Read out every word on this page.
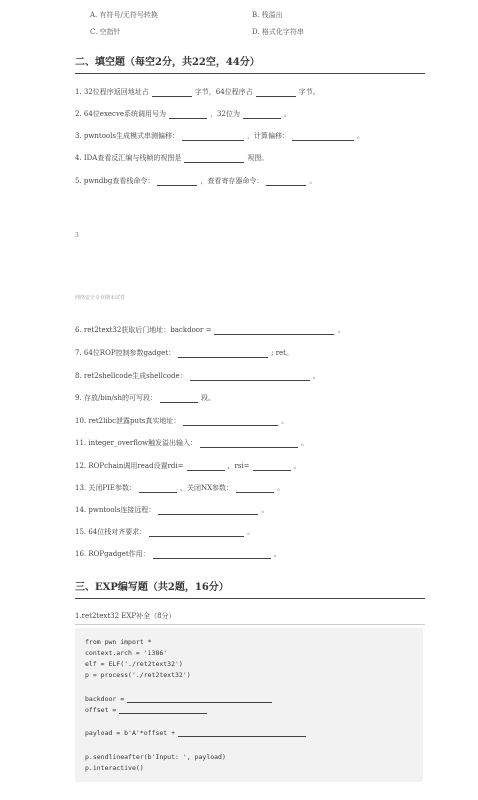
A. 有符号/无符号转换	B. 栈溢出
C. 空指针	D. 格式化字符串
二、填空题（每空2分，共22空，44分）
1. 32位程序返回地址占	字节，64位程序占	字节。
2. 64位execve系统调用号为	，32位为	。
3. pwntools生成模式串测偏移：	，计算偏移：	。
4. IDA查看反汇编与栈帧的视图是	视图。
5. pwndbg查看栈命令：	，查看寄存器命令：	。
3
网络安全专业期末试卷
6. ret2text32获取后门地址：backdoor =	。
7. 64位ROP控制参数gadget：	; ret。
8. ret2shellcode生成shellcode：	。
9. 存放/bin/sh的可写段：	段。
10. ret2libc泄露puts真实地址：	。
11. integer_overflow触发溢出输入：	。
12. ROPchain调用read设置rdi=	，rsi=	。
13. 关闭PIE参数：	，关闭NX参数：	。
14. pwntools连接远程：	。
15. 64位栈对齐要求：	。
16. ROPgadget作用：	。
三、EXP编写题（共2题，16分）
1.ret2text32 EXP补全（8分）
from pwn import *
context.arch = 'i386'
elf = ELF('./ret2text32')
p = process('./ret2text32')
backdoor =
offset =
payload = b'A'*offset +
p.sendlineafter(b'Input: ', payload)
p.interactive()
